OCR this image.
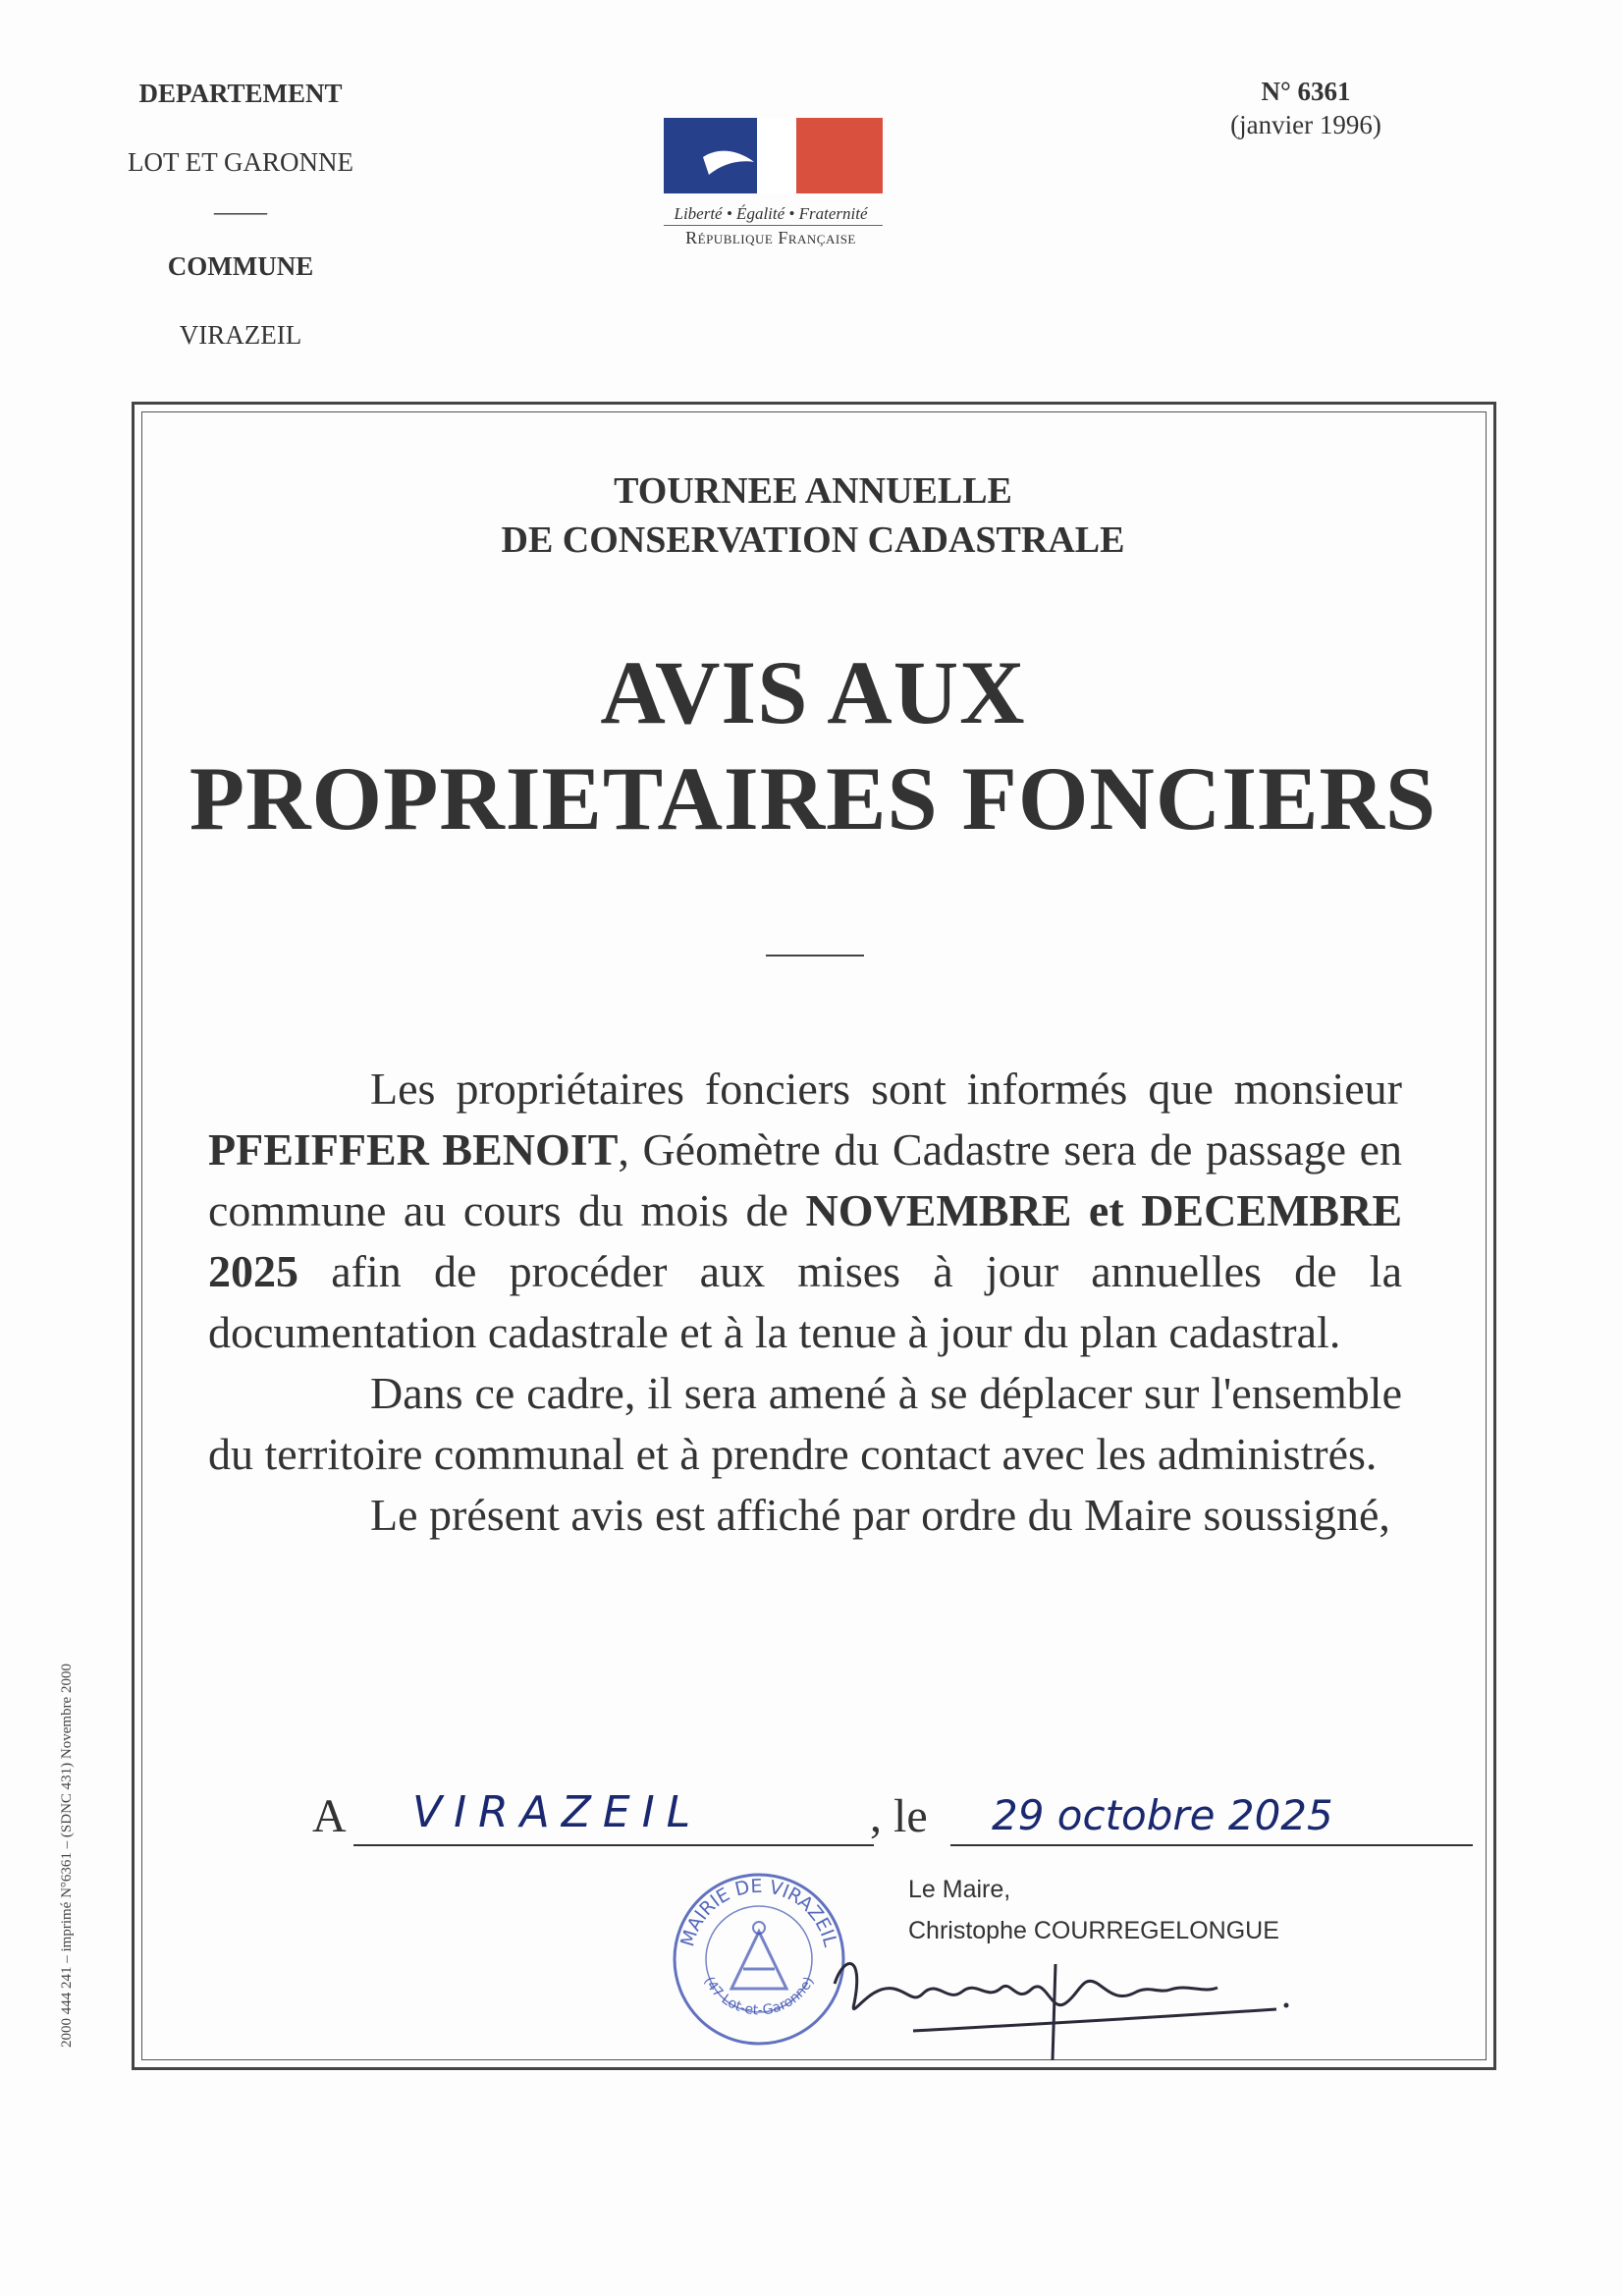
DEPARTEMENT
LOT ET GARONNE
——
COMMUNE
VIRAZEIL
N° 6361
(janvier 1996)
Liberté • Égalité • Fraternité
République Française
TOURNEE ANNUELLE
DE CONSERVATION CADASTRALE
AVIS AUX
PROPRIETAIRES FONCIERS

Les propriétaires fonciers sont informés que monsieur PFEIFFER BENOIT, Géomètre du Cadastre sera de passage en commune au cours du mois de NOVEMBRE et DECEMBRE 2025 afin de procéder aux mises à jour annuelles de la documentation cadastrale et à la tenue à jour du plan cadastral.

Dans ce cadre, il sera amené à se déplacer sur l'ensemble du territoire communal et à prendre contact avec les administrés.

Le présent avis est affiché par ordre du Maire soussigné,

A VIRAZEIL	, le 29 octobre 2025
Le Maire,
Christophe COURREGELONGUE
MAIRIE DE VIRAZEIL
(47 Lot-et-Garonne)
2000 444 241 – imprimé N°6361 – (SDNC 431) Novembre 2000
